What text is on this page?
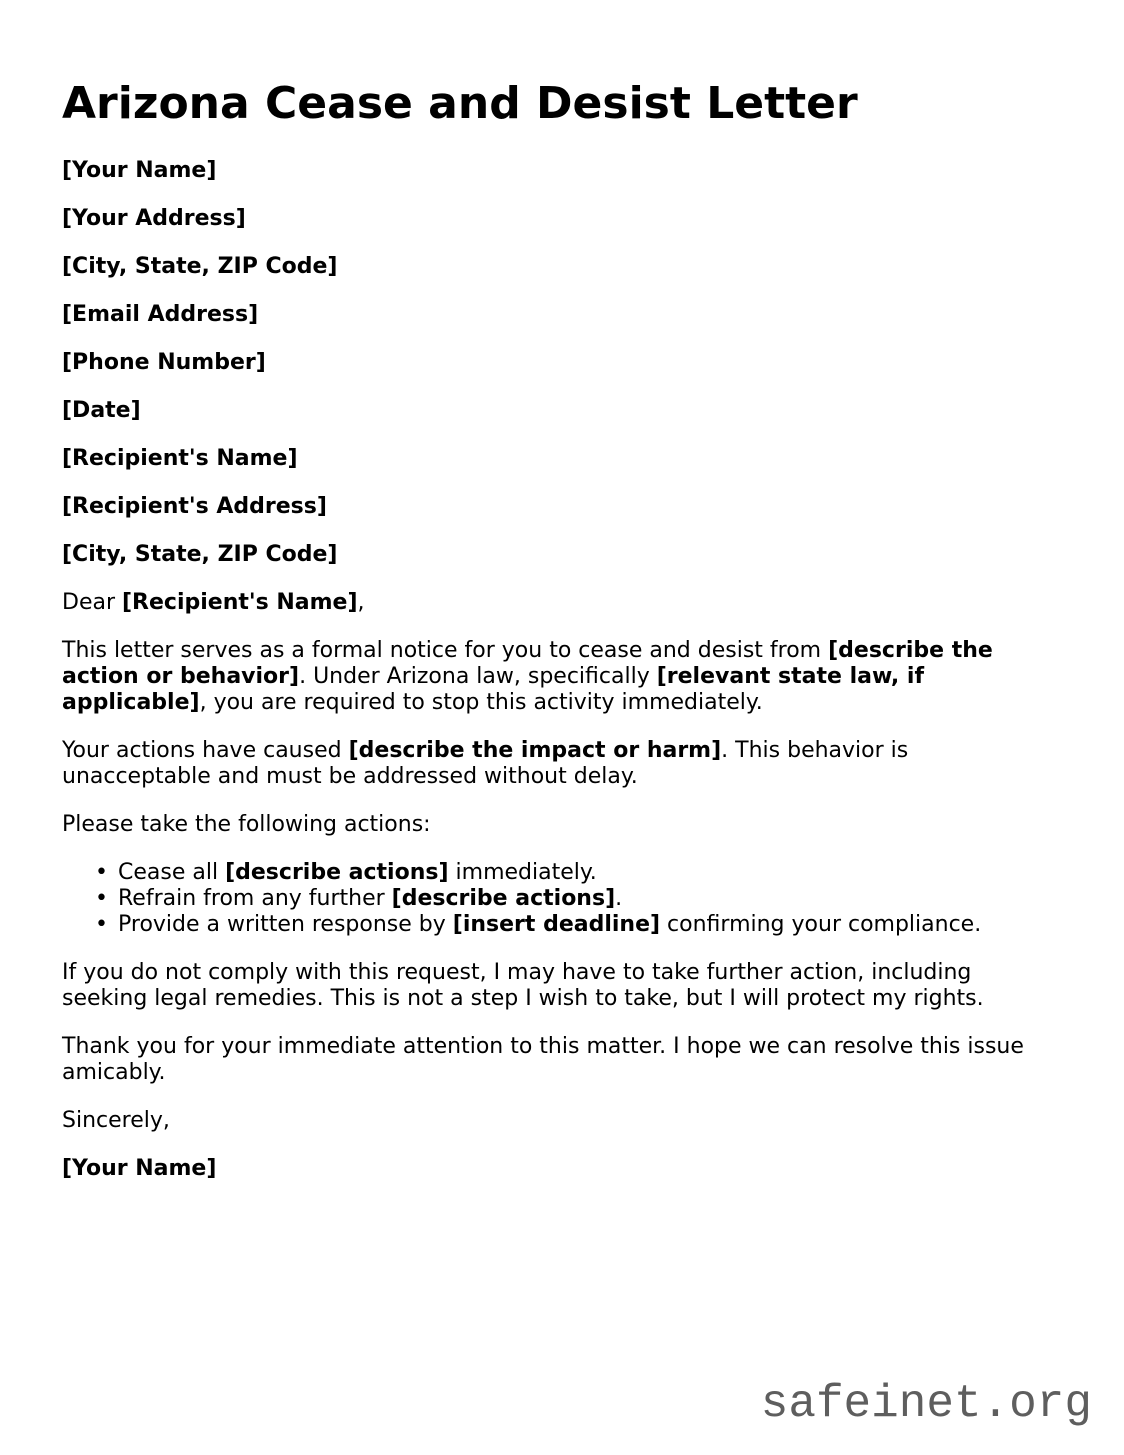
Arizona Cease and Desist Letter

[Your Name]

[Your Address]

[City, State, ZIP Code]

[Email Address]

[Phone Number]

[Date]

[Recipient's Name]

[Recipient's Address]

[City, State, ZIP Code]

Dear [Recipient's Name],

This letter serves as a formal notice for you to cease and desist from [describe the action or behavior]. Under Arizona law, specifically [relevant state law, if applicable], you are required to stop this activity immediately.

Your actions have caused [describe the impact or harm]. This behavior is unacceptable and must be addressed without delay.

Please take the following actions:

• Cease all [describe actions] immediately.
• Refrain from any further [describe actions].
• Provide a written response by [insert deadline] confirming your compliance.

If you do not comply with this request, I may have to take further action, including seeking legal remedies. This is not a step I wish to take, but I will protect my rights.

Thank you for your immediate attention to this matter. I hope we can resolve this issue amicably.

Sincerely,

[Your Name]

safeinet.org
